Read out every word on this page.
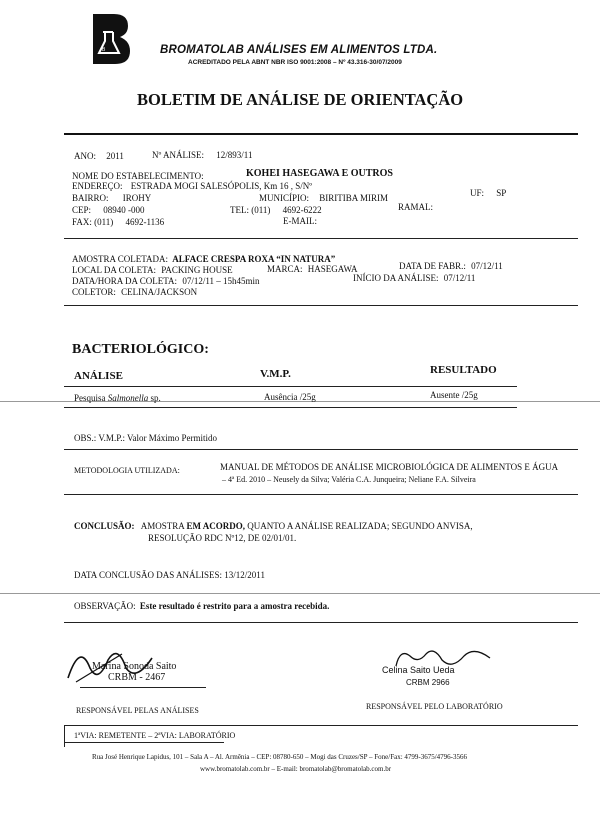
B	BROMATOLAB ANÁLISES EM ALIMENTOS LTDA.
ACREDITADO PELA ABNT NBR ISO 9001:2008 – Nº 43.316-30/07/2009
BOLETIM DE ANÁLISE DE ORIENTAÇÃO
ANO: 2011	Nº ANÁLISE: 12/893/11
NOME DO ESTABELECIMENTO:	KOHEI HASEGAWA E OUTROS
ENDEREÇO: ESTRADA MOGI SALESÓPOLIS, Km 16 , S/Nº
BAIRRO: IROHY	MUNICÍPIO: BIRITIBA MIRIM	UF: SP
CEP: 08940 -000	TEL: (011) 4692-6222	RAMAL:
FAX: (011) 4692-1136	E-MAIL:
AMOSTRA COLETADA: ALFACE CRESPA ROXA “IN NATURA”
LOCAL DA COLETA: PACKING HOUSE	MARCA: HASEGAWA	DATA DE FABR.: 07/12/11
DATA/HORA DA COLETA: 07/12/11 – 15h45min	INÍCIO DA ANÁLISE: 07/12/11
COLETOR: CELINA/JACKSON
BACTERIOLÓGICO:
ANÁLISE	V.M.P.	RESULTADO
Pesquisa Salmonella sp.	Ausência /25g	Ausente /25g
OBS.: V.M.P.: Valor Máximo Permitido
METODOLOGIA UTILIZADA:	MANUAL DE MÉTODOS DE ANÁLISE MICROBIOLÓGICA DE ALIMENTOS E ÁGUA
– 4ª Ed. 2010 – Neusely da Silva; Valéria C.A. Junqueira; Neliane F.A. Silveira
CONCLUSÃO: AMOSTRA EM ACORDO, QUANTO A ANÁLISE REALIZADA; SEGUNDO ANVISA,
RESOLUÇÃO RDC Nº12, DE 02/01/01.
DATA CONCLUSÃO DAS ANÁLISES: 13/12/2011
OBSERVAÇÃO: Este resultado é restrito para a amostra recebida.
Marina Sonoda Saito
CRBM - 2467
Celina Saito Ueda
CRBM 2966
RESPONSÁVEL PELAS ANÁLISES	RESPONSÁVEL PELO LABORATÓRIO
1ªVIA: REMETENTE – 2ªVIA: LABORATÓRIO
Rua José Henrique Lapidus, 101 – Sala A – Al. Armênia – CEP: 08780-650 – Mogi das Cruzes/SP – Fone/Fax: 4799-3675/4796-3566
www.bromatolab.com.br – E-mail: bromatolab@bromatolab.com.br
